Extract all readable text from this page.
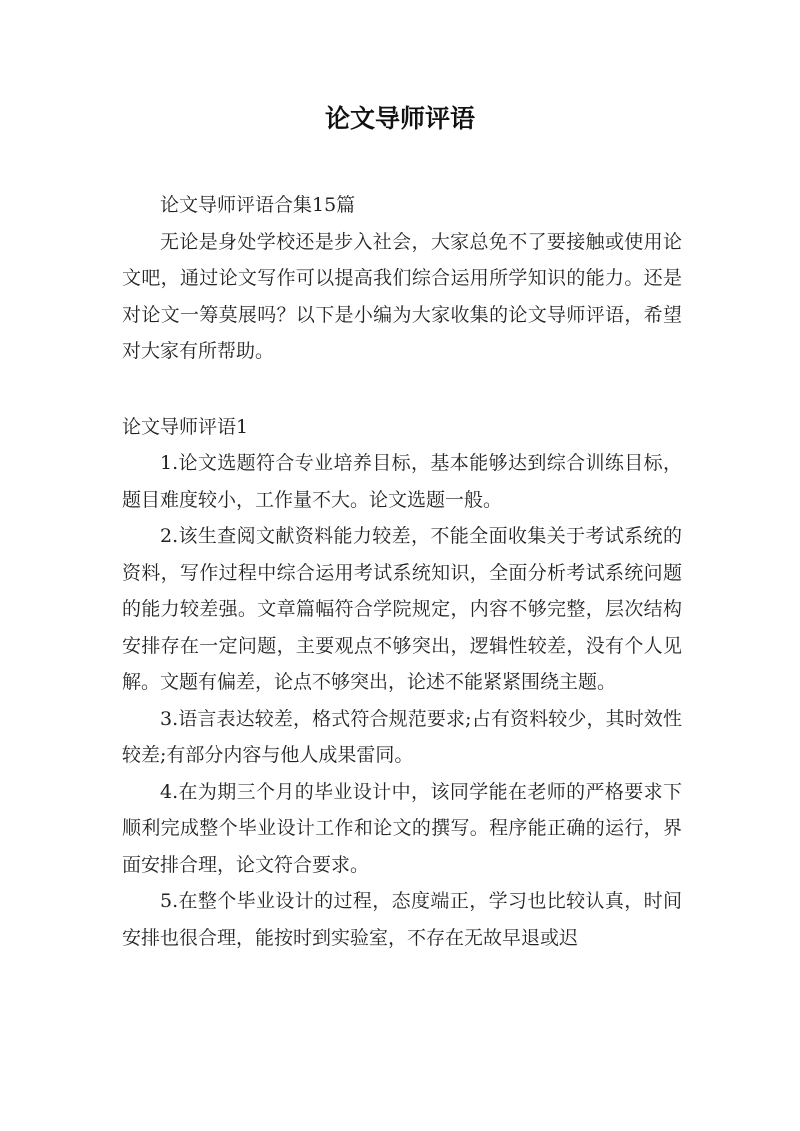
论文导师评语

论文导师评语合集15篇

无论是身处学校还是步入社会，大家总免不了要接触或使用论文吧，通过论文写作可以提高我们综合运用所学知识的能力。还是对论文一筹莫展吗？以下是小编为大家收集的论文导师评语，希望对大家有所帮助。

论文导师评语1

1.论文选题符合专业培养目标，基本能够达到综合训练目标，题目难度较小，工作量不大。论文选题一般。

2.该生查阅文献资料能力较差，不能全面收集关于考试系统的资料，写作过程中综合运用考试系统知识，全面分析考试系统问题的能力较差强。文章篇幅符合学院规定，内容不够完整，层次结构安排存在一定问题，主要观点不够突出，逻辑性较差，没有个人见解。文题有偏差，论点不够突出，论述不能紧紧围绕主题。

3.语言表达较差，格式符合规范要求;占有资料较少，其时效性较差;有部分内容与他人成果雷同。

4.在为期三个月的毕业设计中，该同学能在老师的严格要求下顺利完成整个毕业设计工作和论文的撰写。程序能正确的运行，界面安排合理，论文符合要求。

5.在整个毕业设计的过程，态度端正，学习也比较认真，时间安排也很合理，能按时到实验室，不存在无故早退或迟
